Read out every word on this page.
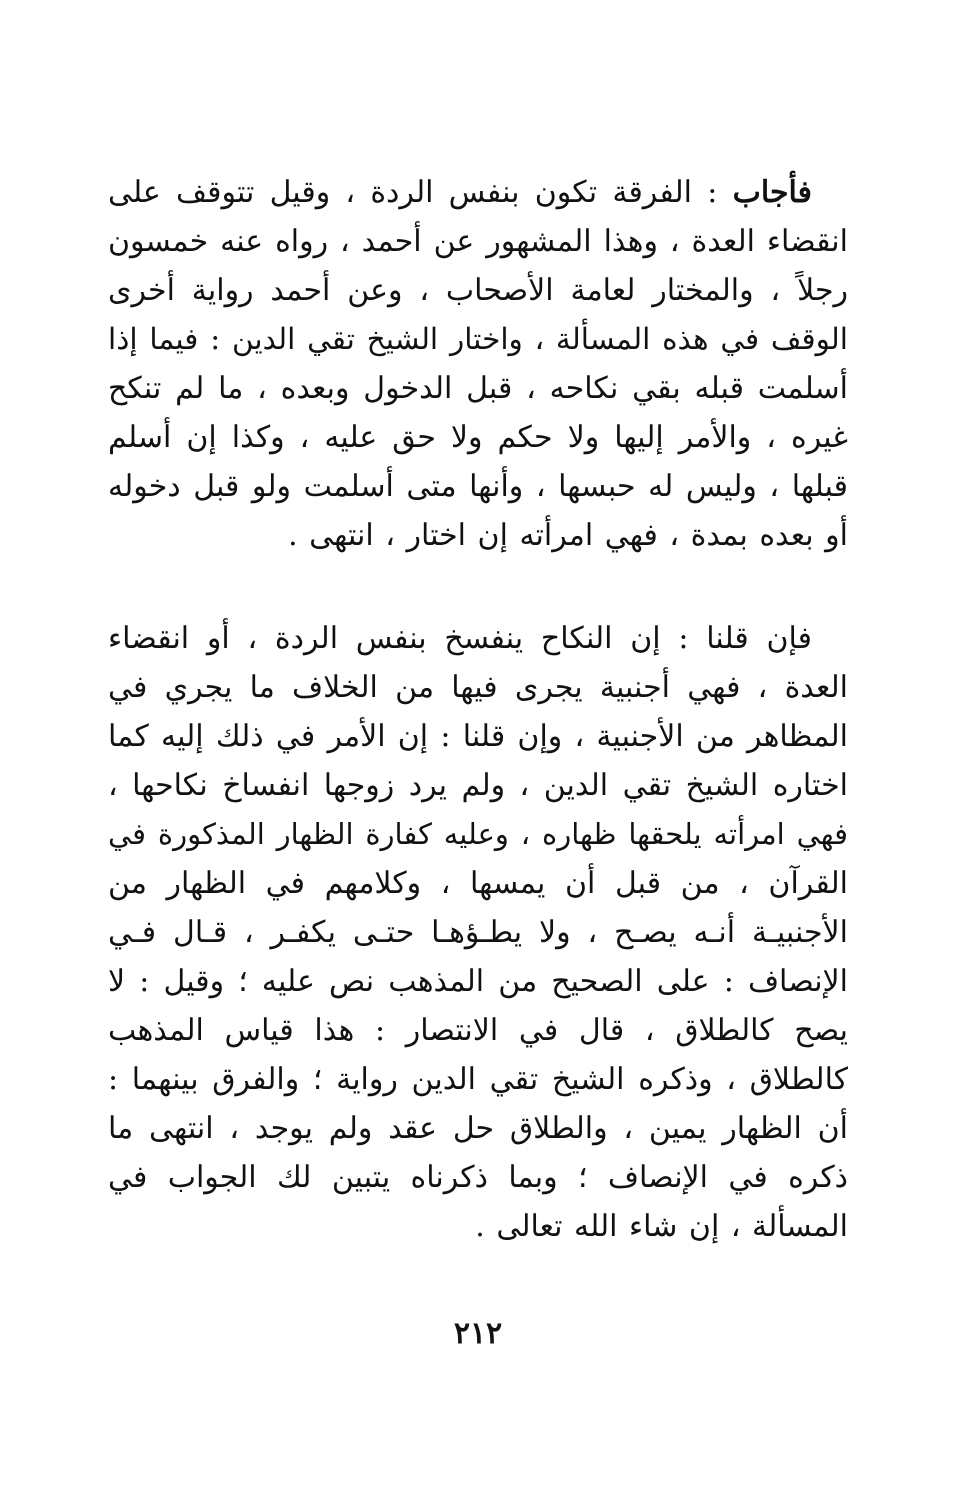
فأجاب : الفرقة تكون بنفس الردة ، وقيل تتوقف على
انقضاء العدة ، وهذا المشهور عن أحمد ، رواه عنه خمسون
رجلاً ، والمختار لعامة الأصحاب ، وعن أحمد رواية أخرى
الوقف في هذه المسألة ، واختار الشيخ تقي الدين : فيما إذا
أسلمت قبله بقي نكاحه ، قبل الدخول وبعده ، ما لم تنكح
غيره ، والأمر إليها ولا حكم ولا حق عليه ، وكذا إن أسلم
قبلها ، وليس له حبسها ، وأنها متى أسلمت ولو قبل دخوله
أو بعده بمدة ، فهي امرأته إن اختار ، انتهى .

فإن قلنا : إن النكاح ينفسخ بنفس الردة ، أو انقضاء
العدة ، فهي أجنبية يجرى فيها من الخلاف ما يجري في
المظاهر من الأجنبية ، وإن قلنا : إن الأمر في ذلك إليه كما
اختاره الشيخ تقي الدين ، ولم يرد زوجها انفساخ نكاحها ،
فهي امرأته يلحقها ظهاره ، وعليه كفارة الظهار المذكورة في
القرآن ، من قبل أن يمسها ، وكلامهم في الظهار من
الأجنبيـة أنـه يصـح ، ولا يطـؤهـا حتـى يكفـر ، قـال فـي
الإنصاف : على الصحيح من المذهب نص عليه ؛ وقيل : لا
يصح كالطلاق ، قال في الانتصار : هذا قياس المذهب
كالطلاق ، وذكره الشيخ تقي الدين رواية ؛ والفرق بينهما :
أن الظهار يمين ، والطلاق حل عقد ولم يوجد ، انتهى ما
ذكره في الإنصاف ؛ وبما ذكرناه يتبين لك الجواب في
المسألة ، إن شاء الله تعالى .

٢١٢
